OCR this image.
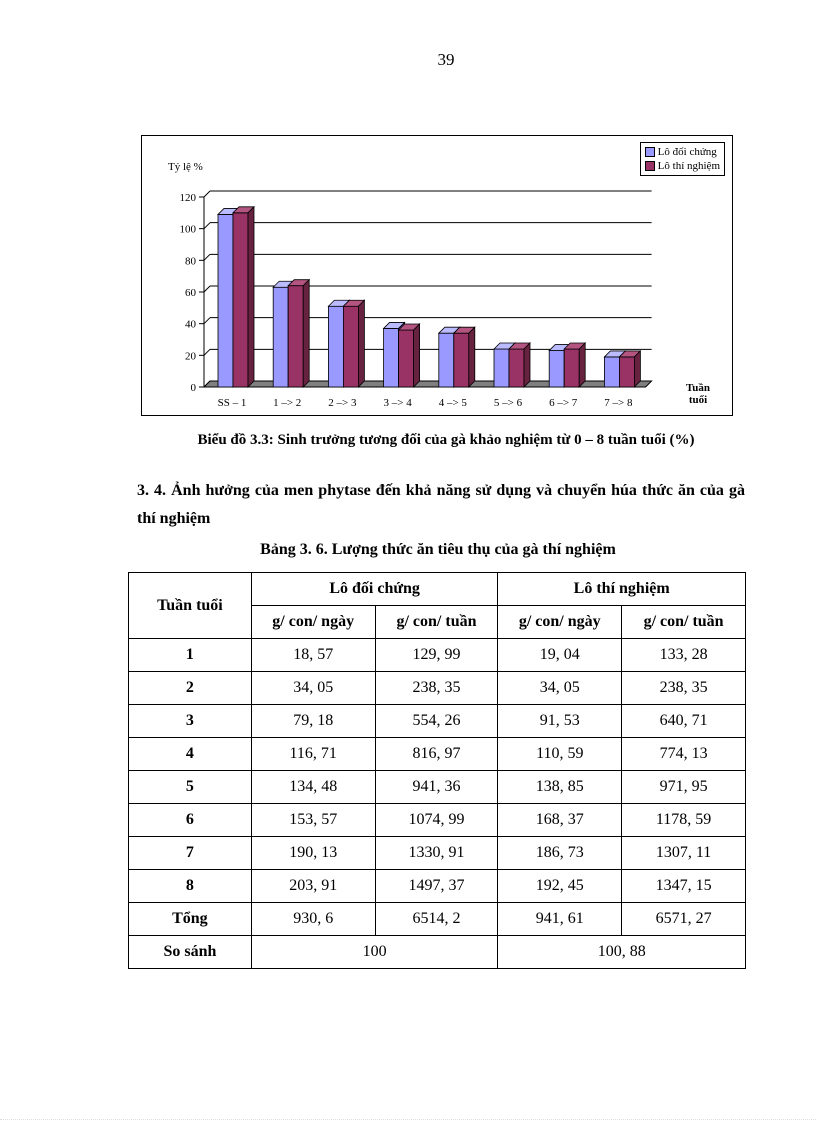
39
0
20
40
60
80
100
120
SS – 1 1 –> 2 2 –> 3 3 –> 4 4 –> 5 5 –> 6 6 –> 7 7 –> 8
Tỷ lệ %
Tuần
tuổi
Lô đối chứng
Lô thí nghiệm
Biểu đồ 3.3: Sinh trưởng tương đối của gà khảo nghiệm từ 0 – 8 tuần tuổi (%)
3. 4. Ảnh hưởng của men phytase đến khả năng sử dụng và chuyển húa thức ăn của gà thí nghiệm
Bảng 3. 6. Lượng thức ăn tiêu thụ của gà thí nghiệm
Tuần tuổi	Lô đối chứng		Lô thí nghiệm	
	g/ con/ ngày	g/ con/ tuần	g/ con/ ngày	g/ con/ tuần
1	18, 57	129, 99	19, 04	133, 28
2	34, 05	238, 35	34, 05	238, 35
3	79, 18	554, 26	91, 53	640, 71
4	116, 71	816, 97	110, 59	774, 13
5	134, 48	941, 36	138, 85	971, 95
6	153, 57	1074, 99	168, 37	1178, 59
7	190, 13	1330, 91	186, 73	1307, 11
8	203, 91	1497, 37	192, 45	1347, 15
Tổng	930, 6	6514, 2	941, 61	6571, 27
So sánh	100		100, 88	
